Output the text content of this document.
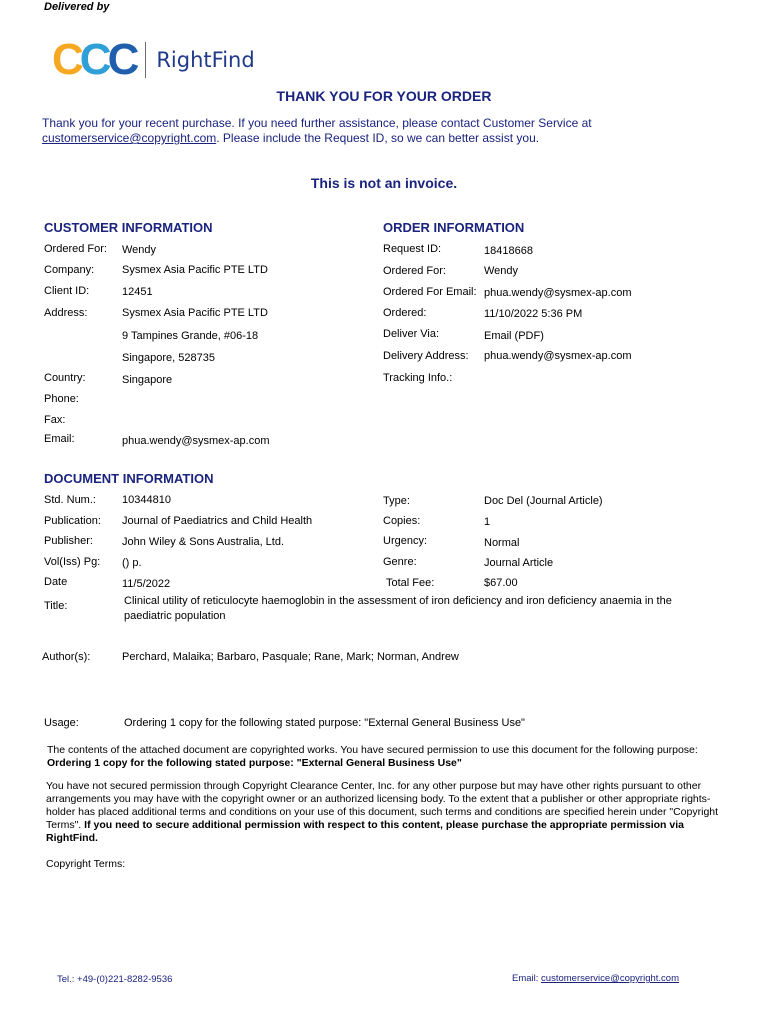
Delivered by
C C C RightFind
THANK YOU FOR YOUR ORDER
Thank you for your recent purchase. If you need further assistance, please contact Customer Service at customerservice@copyright.com. Please include the Request ID, so we can better assist you.
This is not an invoice.
CUSTOMER INFORMATION
Ordered For: Wendy
Company:	Sysmex Asia Pacific PTE LTD
Client ID:	12451
Address:	Sysmex Asia Pacific PTE LTD
9 Tampines Grande, #06-18
Singapore, 528735
Country:	Singapore
Phone:
Fax:
Email:	phua.wendy@sysmex-ap.com
ORDER INFORMATION
Request ID:	18418668
Ordered For:	Wendy
Ordered For Email: phua.wendy@sysmex-ap.com
Ordered:	11/10/2022 5:36 PM
Deliver Via:	Email (PDF)
Delivery Address: phua.wendy@sysmex-ap.com
Tracking Info.:
DOCUMENT INFORMATION
Std. Num.: 10344810
Publication: Journal of Paediatrics and Child Health
Publisher:	John Wiley & Sons Australia, Ltd.
Vol(Iss) Pg: () p.
Date	11/5/2022
Title:	Clinical utility of reticulocyte haemoglobin in the assessment of iron deficiency and iron deficiency anaemia in the
paediatric population
Author(s):	Perchard, Malaika; Barbaro, Pasquale; Rane, Mark; Norman, Andrew
Type:	Doc Del (Journal Article)
Copies:	1
Urgency:	Normal
Genre:	Journal Article
Total Fee:	$67.00
Usage:	Ordering 1 copy for the following stated purpose: "External General Business Use"
The contents of the attached document are copyrighted works. You have secured permission to use this document for the following purpose: Ordering 1 copy for the following stated purpose: "External General Business Use"
You have not secured permission through Copyright Clearance Center, Inc. for any other purpose but may have other rights pursuant to other arrangements you may have with the copyright owner or an authorized licensing body. To the extent that a publisher or other appropriate rights-holder has placed additional terms and conditions on your use of this document, such terms and conditions are specified herein under "Copyright Terms". If you need to secure additional permission with respect to this content, please purchase the appropriate permission via RightFind.
Copyright Terms:
Tel.: +49-(0)221-8282-9536	Email: customerservice@copyright.com
